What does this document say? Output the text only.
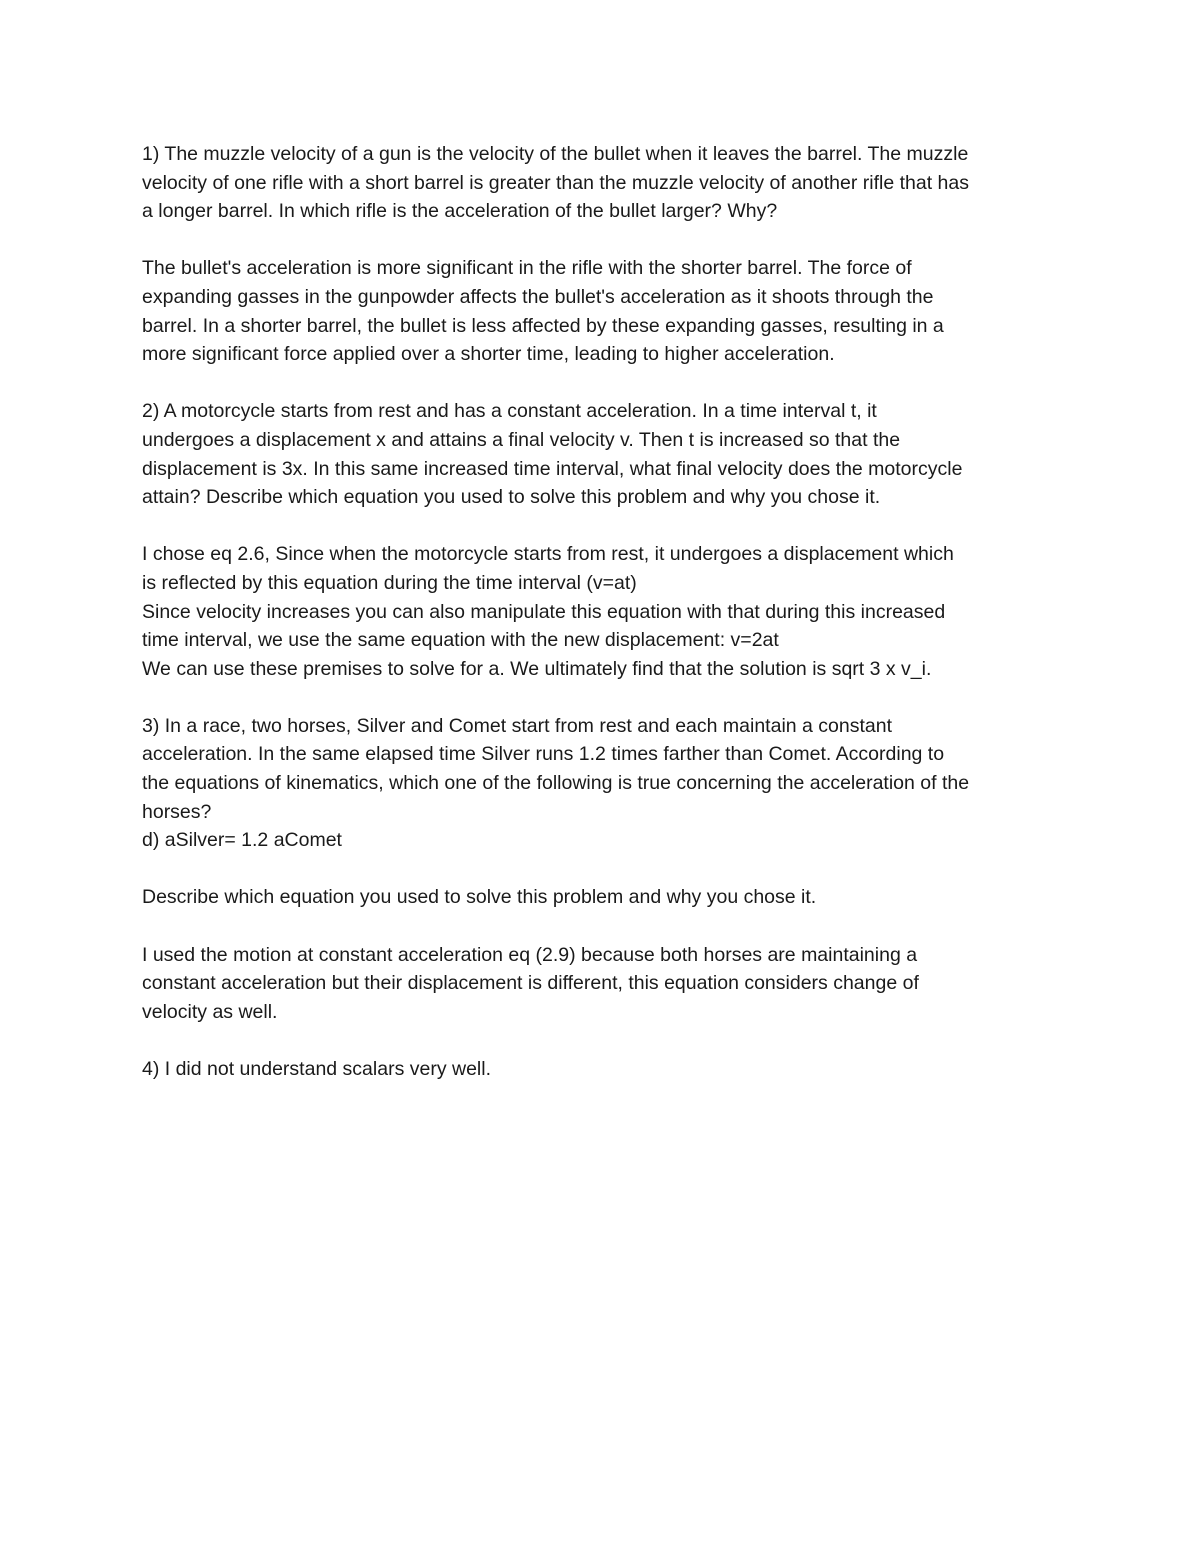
1) The muzzle velocity of a gun is the velocity of the bullet when it leaves the barrel. The muzzle
velocity of one rifle with a short barrel is greater than the muzzle velocity of another rifle that has
a longer barrel. In which rifle is the acceleration of the bullet larger? Why?

The bullet's acceleration is more significant in the rifle with the shorter barrel. The force of
expanding gasses in the gunpowder affects the bullet's acceleration as it shoots through the
barrel. In a shorter barrel, the bullet is less affected by these expanding gasses, resulting in a
more significant force applied over a shorter time, leading to higher acceleration.

2) A motorcycle starts from rest and has a constant acceleration. In a time interval t, it
undergoes a displacement x and attains a final velocity v. Then t is increased so that the
displacement is 3x. In this same increased time interval, what final velocity does the motorcycle
attain? Describe which equation you used to solve this problem and why you chose it.

I chose eq 2.6, Since when the motorcycle starts from rest, it undergoes a displacement which
is reflected by this equation during the time interval (v=at)
Since velocity increases you can also manipulate this equation with that during this increased
time interval, we use the same equation with the new displacement: v=2at
We can use these premises to solve for a. We ultimately find that the solution is sqrt 3 x v_i.

3) In a race, two horses, Silver and Comet start from rest and each maintain a constant
acceleration. In the same elapsed time Silver runs 1.2 times farther than Comet. According to
the equations of kinematics, which one of the following is true concerning the acceleration of the
horses?
d) aSilver= 1.2 aComet

Describe which equation you used to solve this problem and why you chose it.

I used the motion at constant acceleration eq (2.9) because both horses are maintaining a
constant acceleration but their displacement is different, this equation considers change of
velocity as well.

4) I did not understand scalars very well.
